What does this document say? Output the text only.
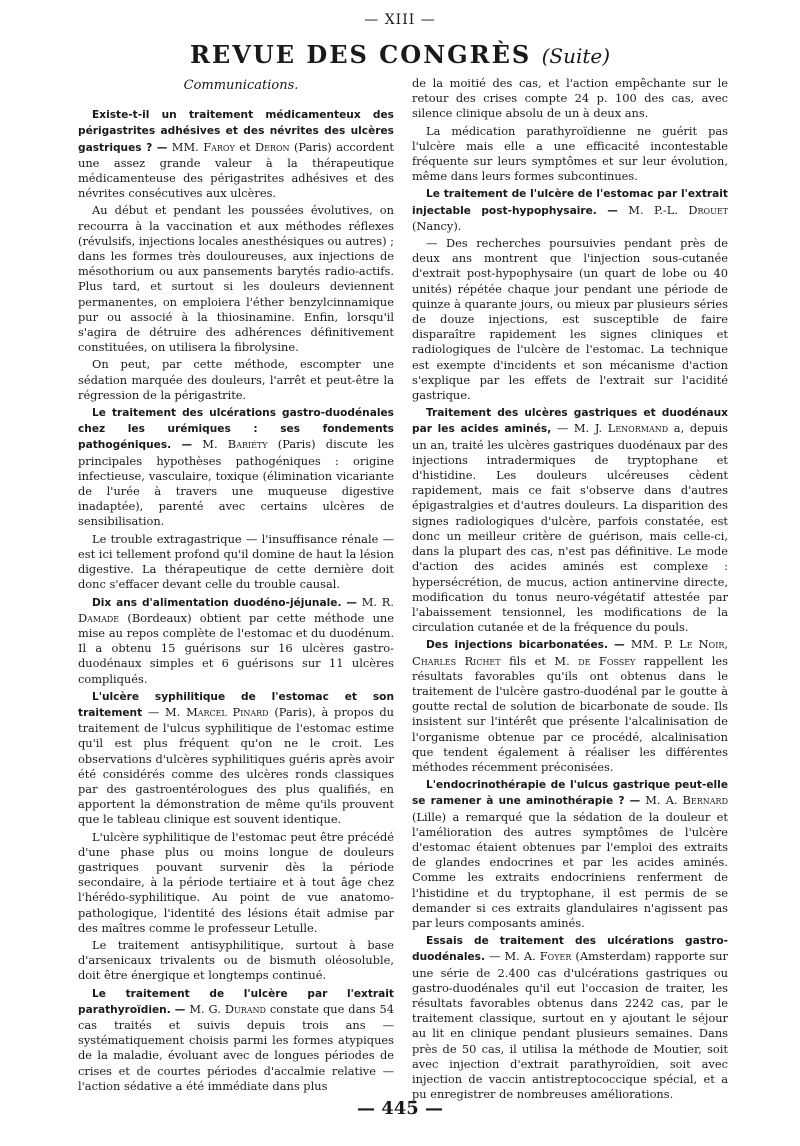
— XIII —
REVUE DES CONGRÈS (Suite)
Communications.

Existe-t-il un traitement médicamenteux des périgastrites adhésives et des névrites des ulcères gastriques ? — MM. Faroy et Deron (Paris) accordent une assez grande valeur à la thérapeutique médicamenteuse des périgastrites adhésives et des névrites consécutives aux ulcères.

Au début et pendant les poussées évolutives, on recourra à la vaccination et aux méthodes réflexes (révulsifs, injections locales anesthésiques ou autres) ; dans les formes très douloureuses, aux injections de mésothorium ou aux pansements barytés radio-actifs. Plus tard, et surtout si les douleurs deviennent permanentes, on emploiera l'éther benzylcinnamique pur ou associé à la thiosinamine. Enfin, lorsqu'il s'agira de détruire des adhérences définitivement constituées, on utilisera la fibrolysine.

On peut, par cette méthode, escompter une sédation marquée des douleurs, l'arrêt et peut-être la régression de la périgastrite.

Le traitement des ulcérations gastro-duodénales chez les urémiques : ses fondements pathogéniques. — M. Bariéty (Paris) discute les principales hypothèses pathogéniques : origine infectieuse, vasculaire, toxique (élimination vicariante de l'urée à travers une muqueuse digestive inadaptée), parenté avec certains ulcères de sensibilisation.

Le trouble extragastrique — l'insuffisance rénale — est ici tellement profond qu'il domine de haut la lésion digestive. La thérapeutique de cette dernière doit donc s'effacer devant celle du trouble causal.

Dix ans d'alimentation duodéno-jéjunale. — M. R. Damade (Bordeaux) obtient par cette méthode une mise au repos complète de l'estomac et du duodénum. Il a obtenu 15 guérisons sur 16 ulcères gastro-duodénaux simples et 6 guérisons sur 11 ulcères compliqués.

L'ulcère syphilitique de l'estomac et son traitement — M. Marcel Pinard (Paris), à propos du traitement de l'ulcus syphilitique de l'estomac estime qu'il est plus fréquent qu'on ne le croit. Les observations d'ulcères syphilitiques guéris après avoir été considérés comme des ulcères ronds classiques par des gastroentérologues des plus qualifiés, en apportent la démonstration de même qu'ils prouvent que le tableau clinique est souvent identique.

L'ulcère syphilitique de l'estomac peut être précédé d'une phase plus ou moins longue de douleurs gastriques pouvant survenir dès la période secondaire, à la période tertiaire et à tout âge chez l'hérédo-syphilitique. Au point de vue anatomo-pathologique, l'identité des lésions était admise par des maîtres comme le professeur Letulle.

Le traitement antisyphilitique, surtout à base d'arsenicaux trivalents ou de bismuth oléosoluble, doit être énergique et longtemps continué.

Le traitement de l'ulcère par l'extrait parathyroïdien. — M. G. Durand constate que dans 54 cas traités et suivis depuis trois ans — systématiquement choisis parmi les formes atypiques de la maladie, évoluant avec de longues périodes de crises et de courtes périodes d'accalmie relative — l'action sédative a été immédiate dans plus

de la moitié des cas, et l'action empêchante sur le retour des crises compte 24 p. 100 des cas, avec silence clinique absolu de un à deux ans.

La médication parathyroïdienne ne guérit pas l'ulcère mais elle a une efficacité incontestable fréquente sur leurs symptômes et sur leur évolution, même dans leurs formes subcontinues.

Le traitement de l'ulcère de l'estomac par l'extrait injectable post-hypophysaire. — M. P.-L. Drouet (Nancy).

— Des recherches poursuivies pendant près de deux ans montrent que l'injection sous-cutanée d'extrait post-hypophysaire (un quart de lobe ou 40 unités) répétée chaque jour pendant une période de quinze à quarante jours, ou mieux par plusieurs séries de douze injections, est susceptible de faire disparaître rapidement les signes cliniques et radiologiques de l'ulcère de l'estomac. La technique est exempte d'incidents et son mécanisme d'action s'explique par les effets de l'extrait sur l'acidité gastrique.

Traitement des ulcères gastriques et duodénaux par les acides aminés, — M. J. Lenormand a, depuis un an, traité les ulcères gastriques duodénaux par des injections intradermiques de tryptophane et d'histidine. Les douleurs ulcéreuses cèdent rapidement, mais ce fait s'observe dans d'autres épigastralgies et d'autres douleurs. La disparition des signes radiologiques d'ulcère, parfois constatée, est donc un meilleur critère de guérison, mais celle-ci, dans la plupart des cas, n'est pas définitive. Le mode d'action des acides aminés est complexe : hypersécrétion, de mucus, action antinervine directe, modification du tonus neuro-végétatif attestée par l'abaissement tensionnel, les modifications de la circulation cutanée et de la fréquence du pouls.

Des injections bicarbonatées. — MM. P. Le Noir, Charles Richet fils et M. de Fossey rappellent les résultats favorables qu'ils ont obtenus dans le traitement de l'ulcère gastro-duodénal par le goutte à goutte rectal de solution de bicarbonate de soude. Ils insistent sur l'intérêt que présente l'alcalinisation de l'organisme obtenue par ce procédé, alcalinisation que tendent également à réaliser les différentes méthodes récemment préconisées.

L'endocrinothérapie de l'ulcus gastrique peut-elle se ramener à une aminothérapie ? — M. A. Bernard (Lille) a remarqué que la sédation de la douleur et l'amélioration des autres symptômes de l'ulcère d'estomac étaient obtenues par l'emploi des extraits de glandes endocrines et par les acides aminés. Comme les extraits endocriniens renferment de l'histidine et du tryptophane, il est permis de se demander si ces extraits glandulaires n'agissent pas par leurs composants aminés.

Essais de traitement des ulcérations gastro-duodénales. — M. A. Foyer (Amsterdam) rapporte sur une série de 2.400 cas d'ulcérations gastriques ou gastro-duodénales qu'il eut l'occasion de traiter, les résultats favorables obtenus dans 2242 cas, par le traitement classique, surtout en y ajoutant le séjour au lit en clinique pendant plusieurs semaines. Dans près de 50 cas, il utilisa la méthode de Moutier, soit avec injection d'extrait parathyroïdien, soit avec injection de vaccin antistreptococcique spécial, et a pu enregistrer de nombreuses améliorations.

— 445 —
